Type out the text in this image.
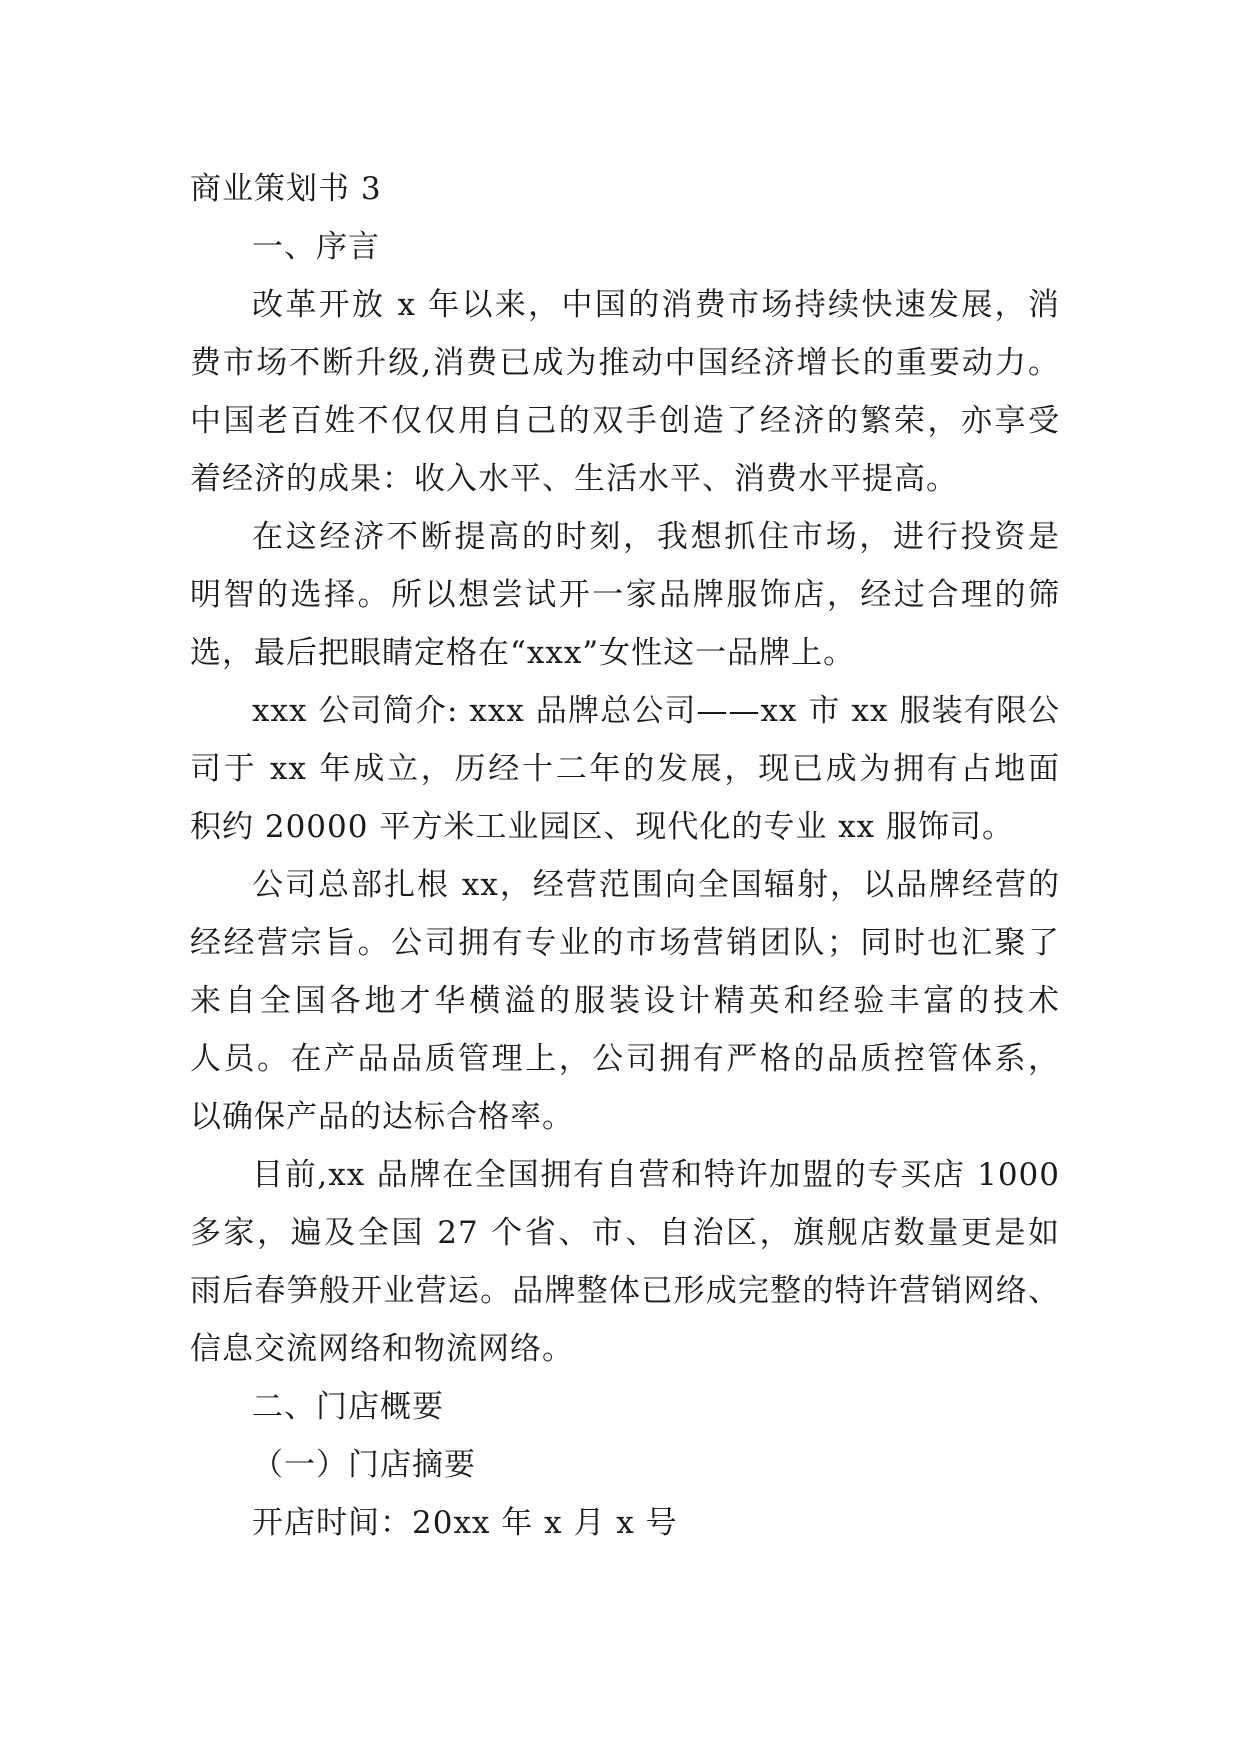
商业策划书 3
一、序言
改革开放 x 年以来，中国的消费市场持续快速发展，消
费市场不断升级,消费已成为推动中国经济增长的重要动力。
中国老百姓不仅仅用自己的双手创造了经济的繁荣，亦享受
着经济的成果：收入水平、生活水平、消费水平提高。
在这经济不断提高的时刻，我想抓住市场，进行投资是
明智的选择。所以想尝试开一家品牌服饰店，经过合理的筛
选，最后把眼睛定格在“xxx”女性这一品牌上。
xxx 公司简介: xxx 品牌总公司——xx 市 xx 服装有限公
司于 xx 年成立，历经十二年的发展，现已成为拥有占地面
积约 20000 平方米工业园区、现代化的专业 xx 服饰司。
公司总部扎根 xx，经营范围向全国辐射，以品牌经营的
经经营宗旨。公司拥有专业的市场营销团队；同时也汇聚了
来自全国各地才华横溢的服装设计精英和经验丰富的技术
人员。在产品品质管理上，公司拥有严格的品质控管体系，
以确保产品的达标合格率。
目前,xx 品牌在全国拥有自营和特许加盟的专买店 1000
多家，遍及全国 27 个省、市、自治区，旗舰店数量更是如
雨后春笋般开业营运。品牌整体已形成完整的特许营销网络、
信息交流网络和物流网络。
二、门店概要
（一）门店摘要
开店时间：20xx 年 x 月 x 号
